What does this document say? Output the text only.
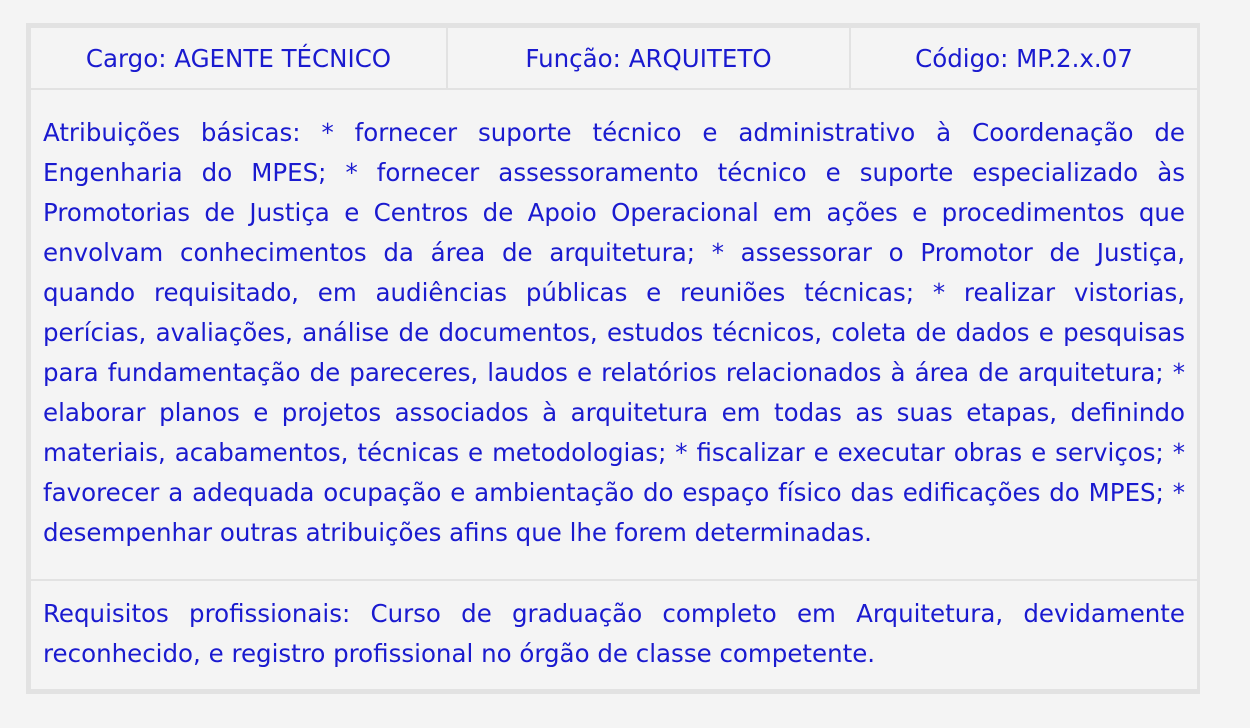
Cargo: AGENTE TÉCNICO	Função: ARQUITETO	Código: MP.2.x.07
Atribuições básicas: * fornecer suporte técnico e administrativo à Coordenação de Engenharia do MPES; * fornecer assessoramento técnico e suporte especializado às Promotorias de Justiça e Centros de Apoio Operacional em ações e procedimentos que envolvam conhecimentos da área de arquitetura; * assessorar o Promotor de Justiça, quando requisitado, em audiências públicas e reuniões técnicas; * realizar vistorias, perícias, avaliações, análise de documentos, estudos técnicos, coleta de dados e pesquisas para fundamentação de pareceres, laudos e relatórios relacionados à área de arquitetura; * elaborar planos e projetos associados à arquitetura em todas as suas etapas, definindo materiais, acabamentos, técnicas e metodologias; * fiscalizar e executar obras e serviços; * favorecer a adequada ocupação e ambientação do espaço físico das edificações do MPES; * desempenhar outras atribuições afins que lhe forem determinadas.
Requisitos profissionais: Curso de graduação completo em Arquitetura, devidamente reconhecido, e registro profissional no órgão de classe competente.
